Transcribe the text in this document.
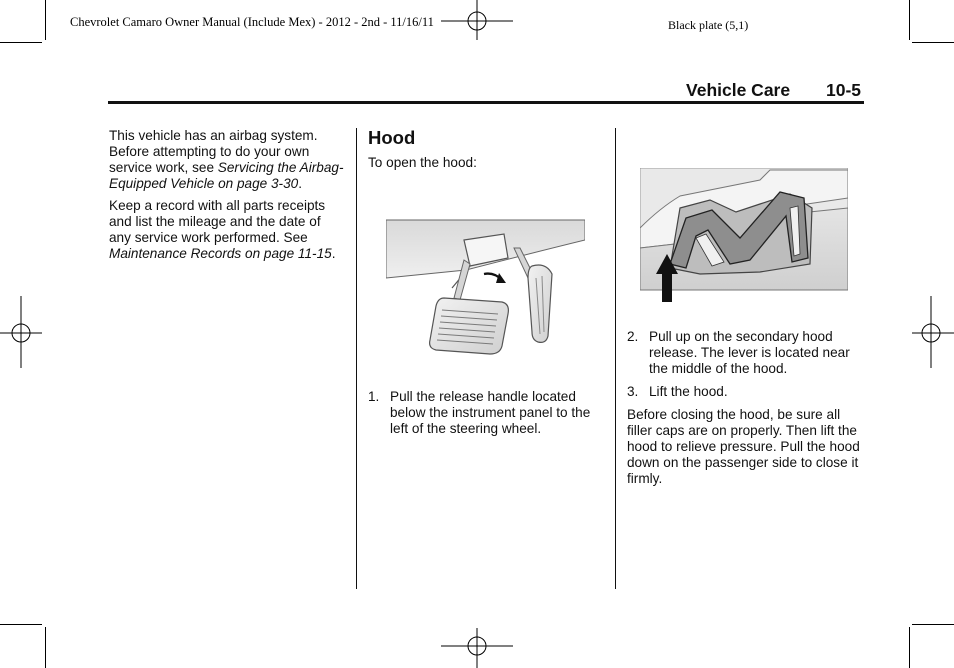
Chevrolet Camaro Owner Manual (Include Mex) - 2012 - 2nd - 11/16/11	Black plate (5,1)
Vehicle Care 10-5

This vehicle has an airbag system. Before attempting to do your own service work, see Servicing the Airbag-Equipped Vehicle on page 3-30.

Keep a record with all parts receipts and list the mileage and the date of any service work performed. See Maintenance Records on page 11-15.

Hood
To open the hood:
1. Pull the release handle located below the instrument panel to the left of the steering wheel.
2. Pull up on the secondary hood release. The lever is located near the middle of the hood.
3. Lift the hood.

Before closing the hood, be sure all filler caps are on properly. Then lift the hood to relieve pressure. Pull the hood down on the passenger side to close it firmly.
